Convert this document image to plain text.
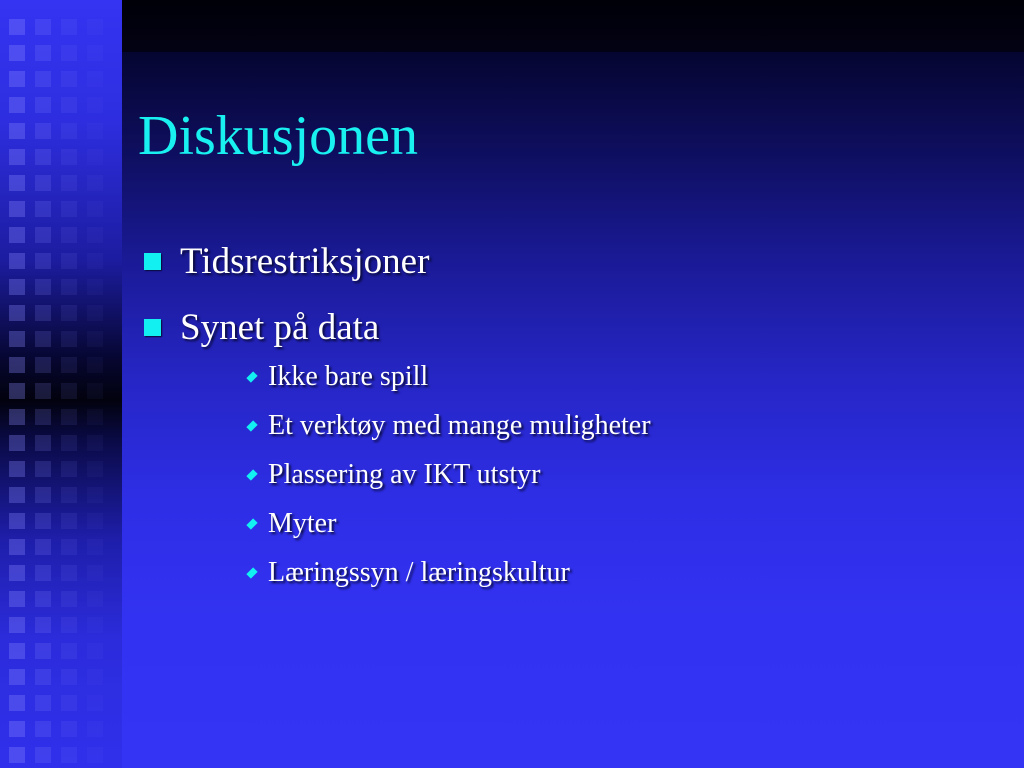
Diskusjonen
Tidsrestriksjoner
Synet på data
Ikke bare spill
Et verktøy med mange muligheter
Plassering av IKT utstyr
Myter
Læringssyn / læringskultur
